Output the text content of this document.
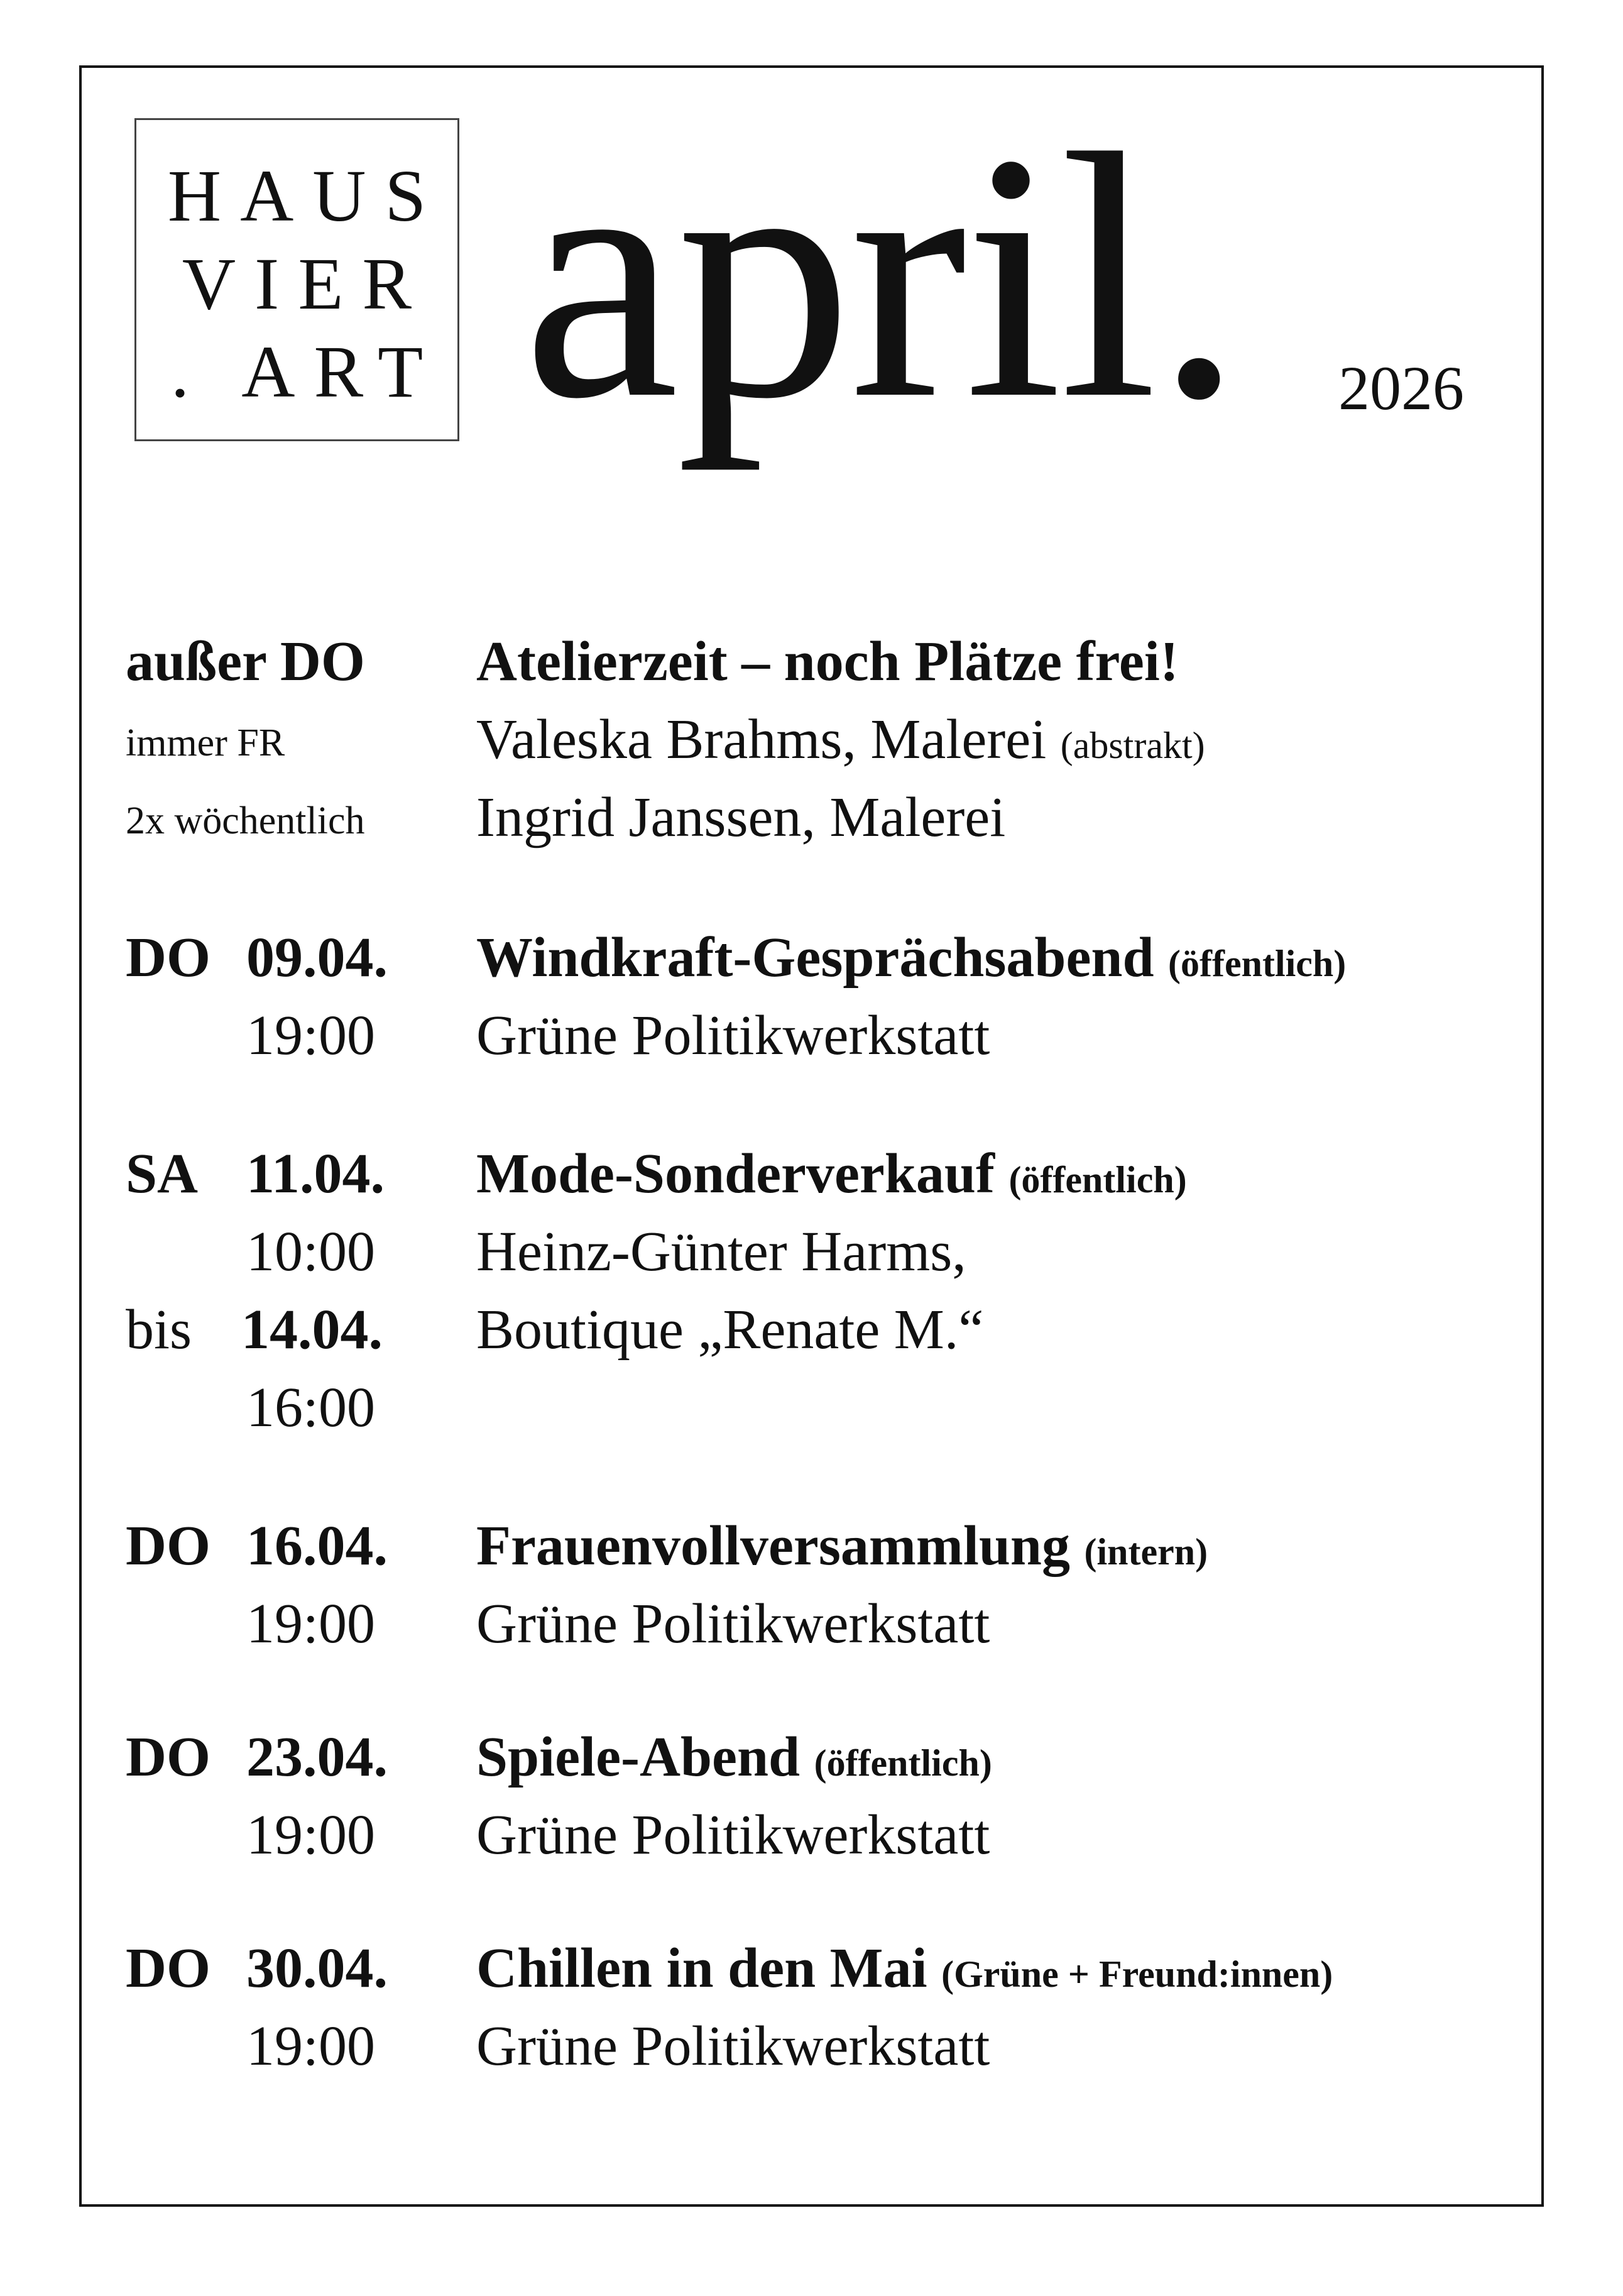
HAUS
VIER
. ART april. 2026
außer DO Atelierzeit – noch Plätze frei!
immer FR	Valeska Brahms, Malerei (abstrakt)
2x wöchentlich Ingrid Janssen, Malerei
DO 09.04. Windkraft-Gesprächsabend (öffentlich)
19:00 Grüne Politikwerkstatt
SA 11.04. Mode-Sonderverkauf (öffentlich)
10:00 Heinz-Günter Harms,
bis 14.04. Boutique „Renate M.“
16:00
DO 16.04. Frauenvollversammlung (intern)
19:00 Grüne Politikwerkstatt
DO 23.04. Spiele-Abend (öffentlich)
19:00 Grüne Politikwerkstatt
DO 30.04. Chillen in den Mai (Grüne + Freund:innen)
19:00 Grüne Politikwerkstatt
